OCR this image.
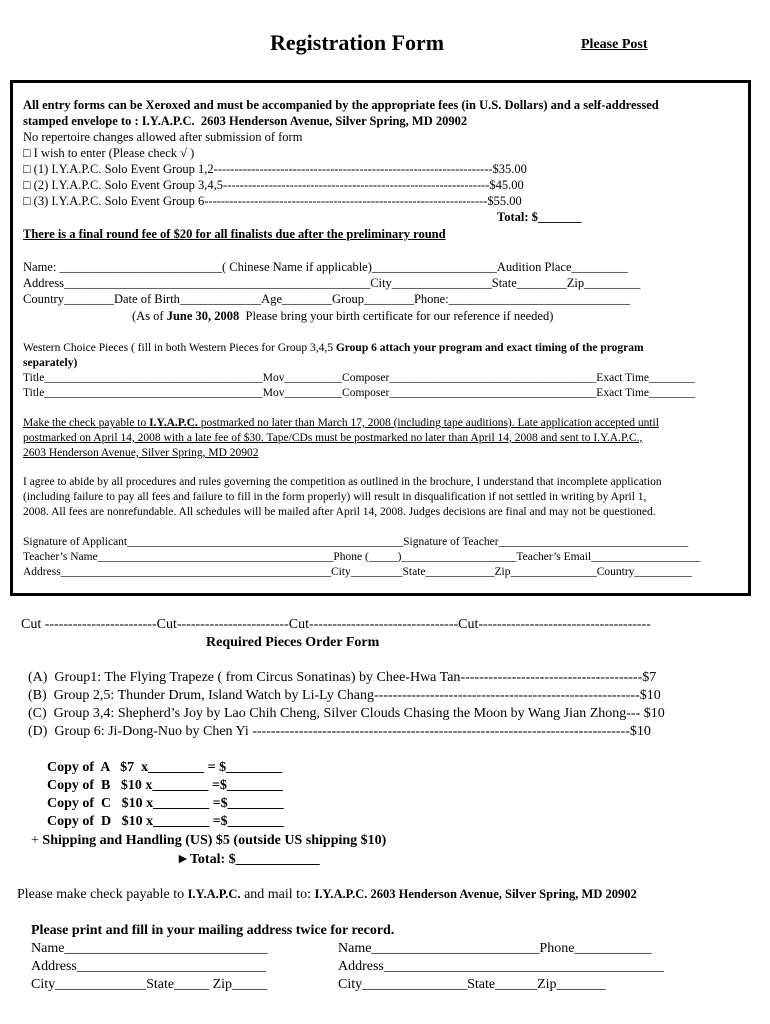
Registration Form	Please Post
All entry forms can be Xeroxed and must be accompanied by the appropriate fees (in U.S. Dollars) and a self-addressed
stamped envelope to : I.Y.A.P.C.  2603 Henderson Avenue, Silver Spring, MD 20902
No repertoire changes allowed after submission of form
□ I wish to enter (Please check √ )
□ (1) I.Y.A.P.C. Solo Event Group 1,2-------------------------------------------------------------------$35.00
□ (2) I.Y.A.P.C. Solo Event Group 3,4,5----------------------------------------------------------------$45.00
□ (3) I.Y.A.P.C. Solo Event Group 6--------------------------------------------------------------------$55.00
Total: $_______
There is a final round fee of $20 for all finalists due after the preliminary round
Name: __________________________( Chinese Name if applicable)____________________Audition Place_________
Address_________________________________________________City________________State________Zip_________
Country________Date of Birth_____________Age________Group________Phone:_____________________________
(As of June 30, 2008  Please bring your birth certificate for our reference if needed)
Western Choice Pieces ( fill in both Western Pieces for Group 3,4,5 Group 6 attach your program and exact timing of the program
separately)
Title______________________________________Mov__________Composer____________________________________Exact Time________
Title______________________________________Mov__________Composer____________________________________Exact Time________
Make the check payable to I.Y.A.P.C. postmarked no later than March 17, 2008 (including tape auditions). Late application accepted until
postmarked on April 14, 2008 with a late fee of $30. Tape/CDs must be postmarked no later than April 14, 2008 and sent to I.Y.A.P.C.,
2603 Henderson Avenue, Silver Spring, MD 20902
I agree to abide by all procedures and rules governing the competition as outlined in the brochure, I understand that incomplete application
(including failure to pay all fees and failure to fill in the form properly) will result in disqualification if not settled in writing by April 1,
2008. All fees are nonrefundable. All schedules will be mailed after April 14, 2008. Judges decisions are final and may not be questioned.
Signature of Applicant________________________________________________Signature of Teacher_________________________________
Teacher’s Name_________________________________________Phone (_____)____________________Teacher’s Email___________________
Address_______________________________________________City_________State____________Zip_______________Country__________
Cut ------------------------Cut------------------------Cut--------------------------------Cut-------------------------------------
Required Pieces Order Form
(A)  Group1: The Flying Trapeze ( from Circus Sonatinas) by Chee-Hwa Tan---------------------------------------$7
(B)  Group 2,5: Thunder Drum, Island Watch by Li-Ly Chang---------------------------------------------------------$10
(C)  Group 3,4: Shepherd’s Joy by Lao Chih Cheng, Silver Clouds Chasing the Moon by Wang Jian Zhong--- $10
(D)  Group 6: Ji-Dong-Nuo by Chen Yi ---------------------------------------------------------------------------------$10
Copy of  A   $7  x________ = $________
Copy of  B   $10 x________ =$________
Copy of  C   $10 x________ =$________
Copy of  D   $10 x________ =$________
+ Shipping and Handling (US) $5 (outside US shipping $10)
►Total: $____________
Please make check payable to I.Y.A.P.C. and mail to: I.Y.A.P.C. 2603 Henderson Avenue, Silver Spring, MD 20902
Please print and fill in your mailing address twice for record.
Name_____________________________
Address___________________________
City_____________State_____ Zip_____
Name________________________Phone___________
Address________________________________________
City_______________State______Zip_______
